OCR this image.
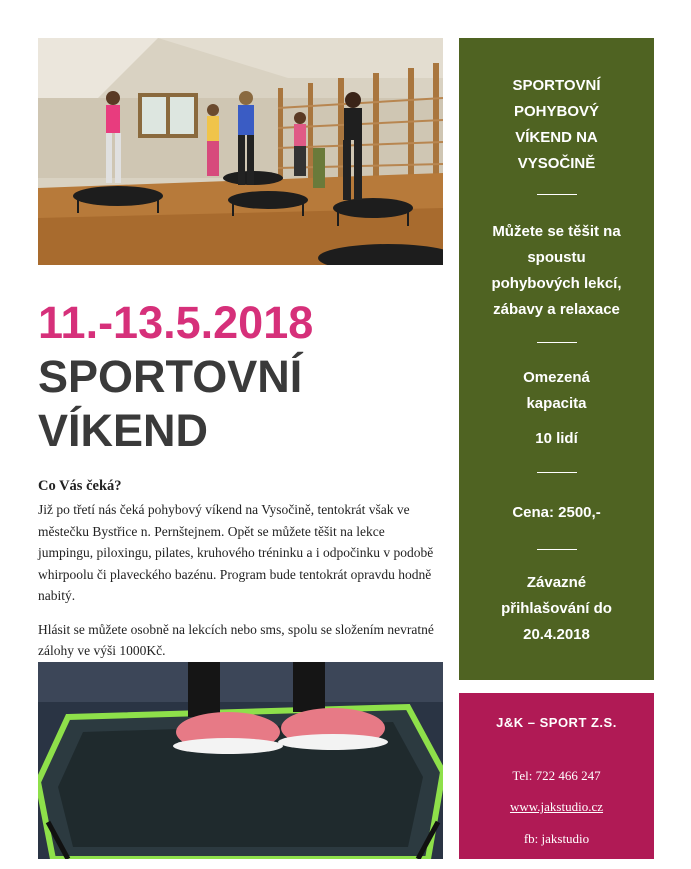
11.-13.5.2018
SPORTOVNÍ
VÍKEND
Co Vás čeká?

Již po třetí nás čeká pohybový víkend na Vysočině, tentokrát však ve městečku Bystřice n. Pernštejnem. Opět se můžete těšit na lekce jumpingu, piloxingu, pilates, kruhového tréninku a i odpočinku v podobě whirpoolu či plaveckého bazénu. Program bude tentokrát opravdu hodně nabitý.

Hlásit se můžete osobně na lekcích nebo sms, spolu se složením nevratné zálohy ve výši 1000Kč.

SPORTOVNÍ
POHYBOVÝ
VÍKEND NA
VYSOČINĚ
Můžete se těšit na
spoustu
pohybových lekcí,
zábavy a relaxace
Omezená
kapacita
10 lidí
Cena: 2500,-
Závazné
přihlašování do
20.4.2018
J&K – SPORT Z.S.
Tel: 722 466 247
www.jakstudio.cz
fb: jakstudio
